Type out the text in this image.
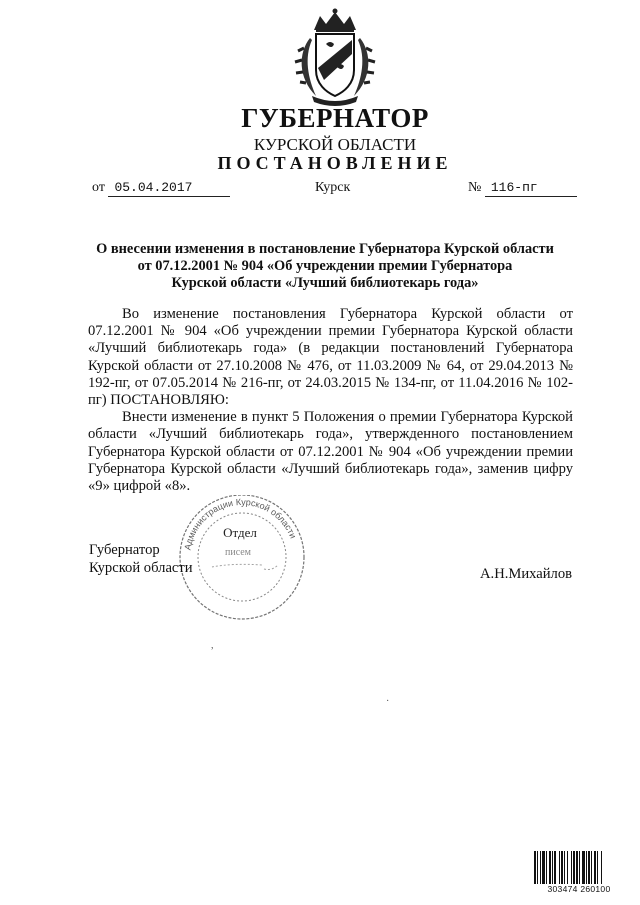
ГУБЕРНАТОР
КУРСКОЙ ОБЛАСТИ
ПОСТАНОВЛЕНИЕ
от 05.04.2017	Курск	№ 116-пг
О внесении изменения в постановление Губернатора Курской области
от 07.12.2001 № 904 «Об учреждении премии Губернатора
Курской области «Лучший библиотекарь года»

Во изменение постановления Губернатора Курской области от 07.12.2001 № 904 «Об учреждении премии Губернатора Курской области «Лучший библиотекарь года» (в редакции постановлений Губернатора Курской области от 27.10.2008 № 476, от 11.03.2009 № 64, от 29.04.2013 № 192-пг, от 07.05.2014 № 216-пг, от 24.03.2015 № 134-пг, от 11.04.2016 № 102-пг) ПОСТАНОВЛЯЮ:

Внести изменение в пункт 5 Положения о премии Губернатора Курской области «Лучший библиотекарь года», утвержденного постановлением Губернатора Курской области от 07.12.2001 № 904 «Об учреждении премии Губернатора Курской области «Лучший библиотекарь года», заменив цифру «9» цифрой «8».

Администрации Курской области
Отдел
писем
Губернатор
Курской области	А.Н.Михайлов
,
·
303474 260100
